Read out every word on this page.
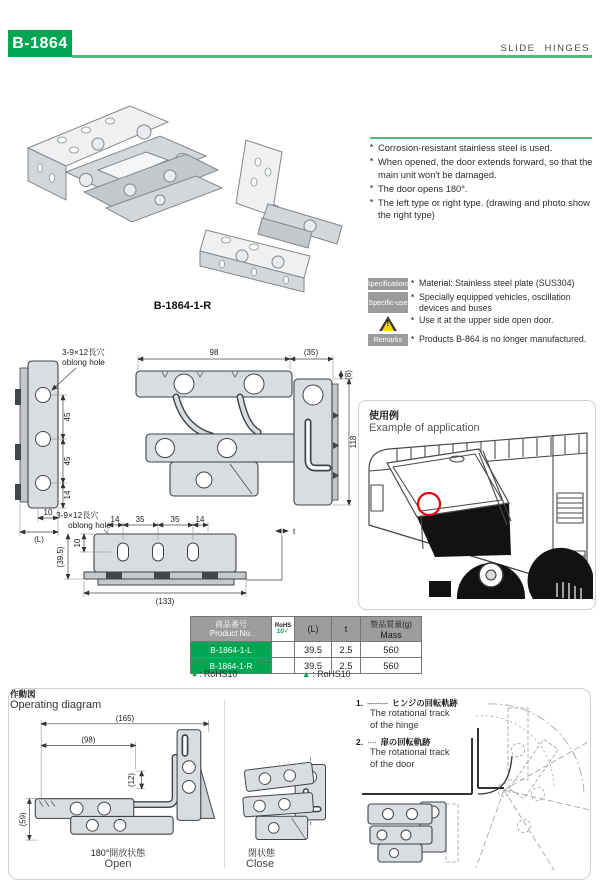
B-1864	SLIDE HINGES
B-1864-1-R
*
Corrosion-resistant stainless steel is used.
*
When opened, the door extends forward, so that the main unit won't be damaged.
*
The door opens 180°.
*
The left type or right type. (drawing and photo show the right type)
Specifications * Material: Stainless steel plate (SUS304)
Specific-use
*
Specially equipped vehicles, oscillation devices and buses
!
*
Use it at the upper side open door.
Remarks *	Products B-864 is no longer manufactured.
45
45
14
10
(L)
3-9×12長穴
oblong hole
98	(35)
(8)
118
3-9×12長穴
oblong hole
14 35	35 14
t
10
(39.5)
(133)
使用例
Example of application
商品番号
Product No.

RoHS
10✓	(L)	t	製品質量(g)
Mass

B-1864-1-L		39.5	2.5	560
B-1864-1-R		39.5	2.5	560
● : RoHS10	▲ : RoHS10
作動図
Operating diagram
(165)
(98)
(12)
(59)
180°開放状態
Open
閉状態
Close
1. —··— ヒンジの回転軌跡
The rotational track
of the hinge
2. ···· 扉の回転軌跡
The rotational track
of the door
